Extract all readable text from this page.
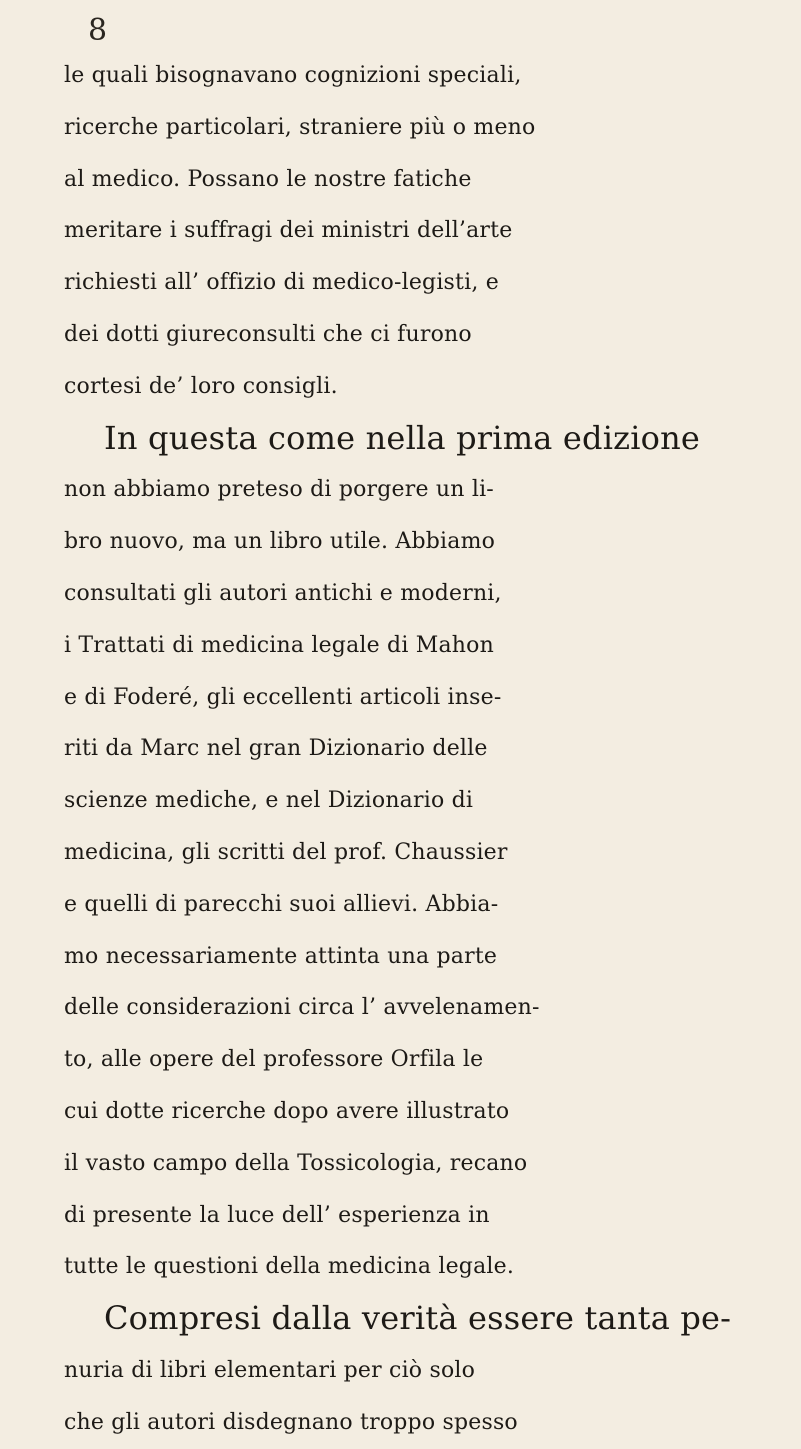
8
le quali bisognavano cognizioni speciali,
ricerche particolari, straniere più o meno
al medico. Possano le nostre fatiche
meritare i suffragi dei ministri dell’arte
richiesti all’ offizio di medico-legisti, e
dei dotti giureconsulti che ci furono
cortesi de’ loro consigli.
In questa come nella prima edizione
non abbiamo preteso di porgere un li-
bro nuovo, ma un libro utile. Abbiamo
consultati gli autori antichi e moderni,
i Trattati di medicina legale di Mahon
e di Foderé, gli eccellenti articoli inse-
riti da Marc nel gran Dizionario delle
scienze mediche, e nel Dizionario di
medicina, gli scritti del prof. Chaussier
e quelli di parecchi suoi allievi. Abbia-
mo necessariamente attinta una parte
delle considerazioni circa l’ avvelenamen-
to, alle opere del professore Orfila le
cui dotte ricerche dopo avere illustrato
il vasto campo della Tossicologia, recano
di presente la luce dell’ esperienza in
tutte le questioni della medicina legale.
Compresi dalla verità essere tanta pe-
nuria di libri elementari per ciò solo
che gli autori disdegnano troppo spesso
